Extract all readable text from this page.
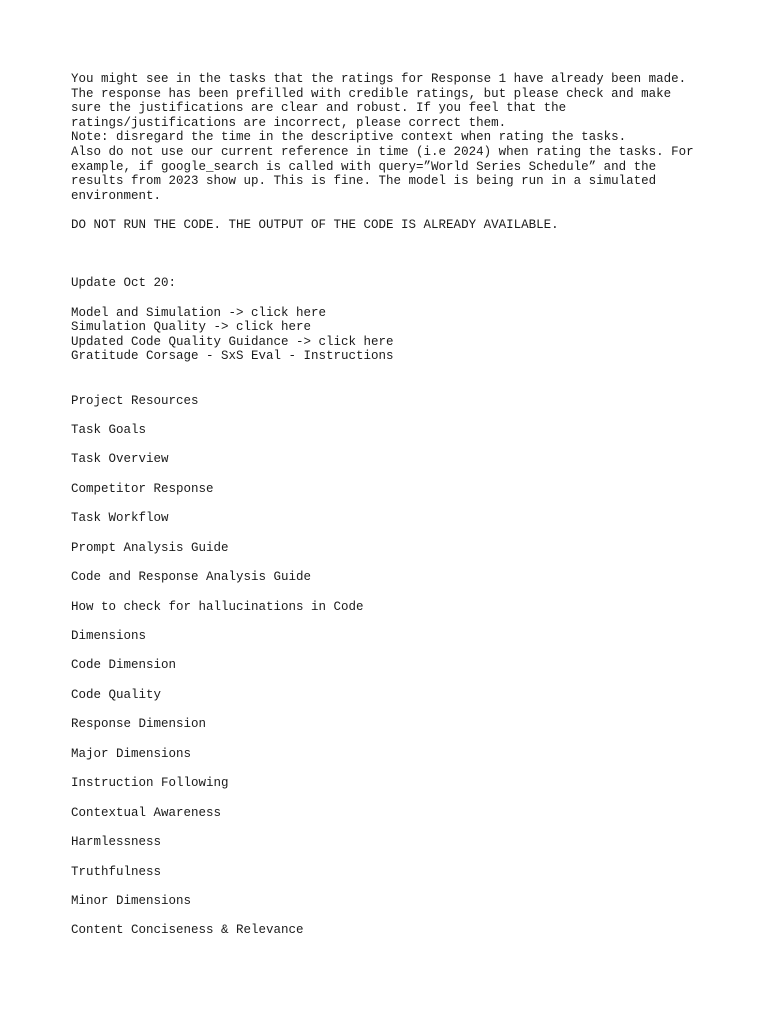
You might see in the tasks that the ratings for Response 1 have already been made.
The response has been prefilled with credible ratings, but please check and make
sure the justifications are clear and robust. If you feel that the
ratings/justifications are incorrect, please correct them.
Note: disregard the time in the descriptive context when rating the tasks.
Also do not use our current reference in time (i.e 2024) when rating the tasks. For
example, if google_search is called with query=”World Series Schedule” and the
results from 2023 show up. This is fine. The model is being run in a simulated
environment.
DO NOT RUN THE CODE. THE OUTPUT OF THE CODE IS ALREADY AVAILABLE.
Update Oct 20:
Model and Simulation -> click here
Simulation Quality -> click here
Updated Code Quality Guidance -> click here
Gratitude Corsage - SxS Eval - Instructions
Project Resources
Task Goals
Task Overview
Competitor Response
Task Workflow
Prompt Analysis Guide
Code and Response Analysis Guide
How to check for hallucinations in Code
Dimensions
Code Dimension
Code Quality
Response Dimension
Major Dimensions
Instruction Following
Contextual Awareness
Harmlessness
Truthfulness
Minor Dimensions
Content Conciseness & Relevance
